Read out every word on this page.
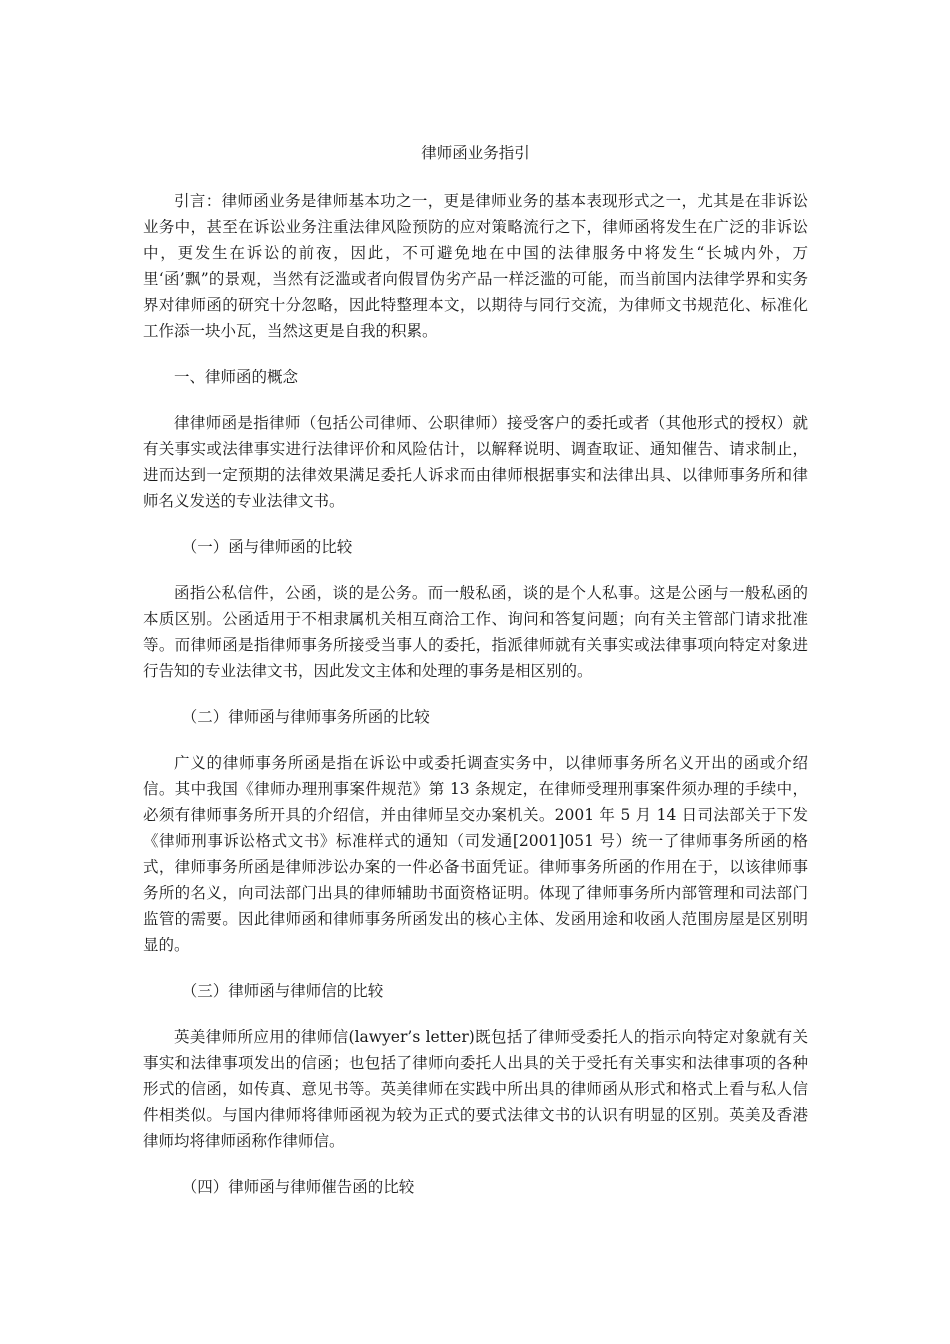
律师函业务指引

引言：律师函业务是律师基本功之一，更是律师业务的基本表现形式之一，尤其是在非诉讼业务中，甚至在诉讼业务注重法律风险预防的应对策略流行之下，律师函将发生在广泛的非诉讼中，更发生在诉讼的前夜，因此，不可避免地在中国的法律服务中将发生“长城内外，万里‘函’飘”的景观，当然有泛滥或者向假冒伪劣产品一样泛滥的可能，而当前国内法律学界和实务界对律师函的研究十分忽略，因此特整理本文，以期待与同行交流，为律师文书规范化、标准化工作添一块小瓦，当然这更是自我的积累。

一、律师函的概念

律律师函是指律师（包括公司律师、公职律师）接受客户的委托或者（其他形式的授权）就有关事实或法律事实进行法律评价和风险估计，以解释说明、调查取证、通知催告、请求制止，进而达到一定预期的法律效果满足委托人诉求而由律师根据事实和法律出具、以律师事务所和律师名义发送的专业法律文书。

（一）函与律师函的比较

函指公私信件，公函，谈的是公务。而一般私函，谈的是个人私事。这是公函与一般私函的本质区别。公函适用于不相隶属机关相互商洽工作、询问和答复问题；向有关主管部门请求批准等。而律师函是指律师事务所接受当事人的委托，指派律师就有关事实或法律事项向特定对象进行告知的专业法律文书，因此发文主体和处理的事务是相区别的。

（二）律师函与律师事务所函的比较

广义的律师事务所函是指在诉讼中或委托调查实务中，以律师事务所名义开出的函或介绍信。其中我国《律师办理刑事案件规范》第 13 条规定，在律师受理刑事案件须办理的手续中，必须有律师事务所开具的介绍信，并由律师呈交办案机关。2001 年 5 月 14 日司法部关于下发《律师刑事诉讼格式文书》标准样式的通知（司发通[2001]051 号）统一了律师事务所函的格式，律师事务所函是律师涉讼办案的一件必备书面凭证。律师事务所函的作用在于，以该律师事务所的名义，向司法部门出具的律师辅助书面资格证明。体现了律师事务所内部管理和司法部门监管的需要。因此律师函和律师事务所函发出的核心主体、发函用途和收函人范围房屋是区别明显的。

（三）律师函与律师信的比较

英美律师所应用的律师信(lawyer’s letter)既包括了律师受委托人的指示向特定对象就有关事实和法律事项发出的信函；也包括了律师向委托人出具的关于受托有关事实和法律事项的各种形式的信函，如传真、意见书等。英美律师在实践中所出具的律师函从形式和格式上看与私人信件相类似。与国内律师将律师函视为较为正式的要式法律文书的认识有明显的区别。英美及香港律师均将律师函称作律师信。

（四）律师函与律师催告函的比较
